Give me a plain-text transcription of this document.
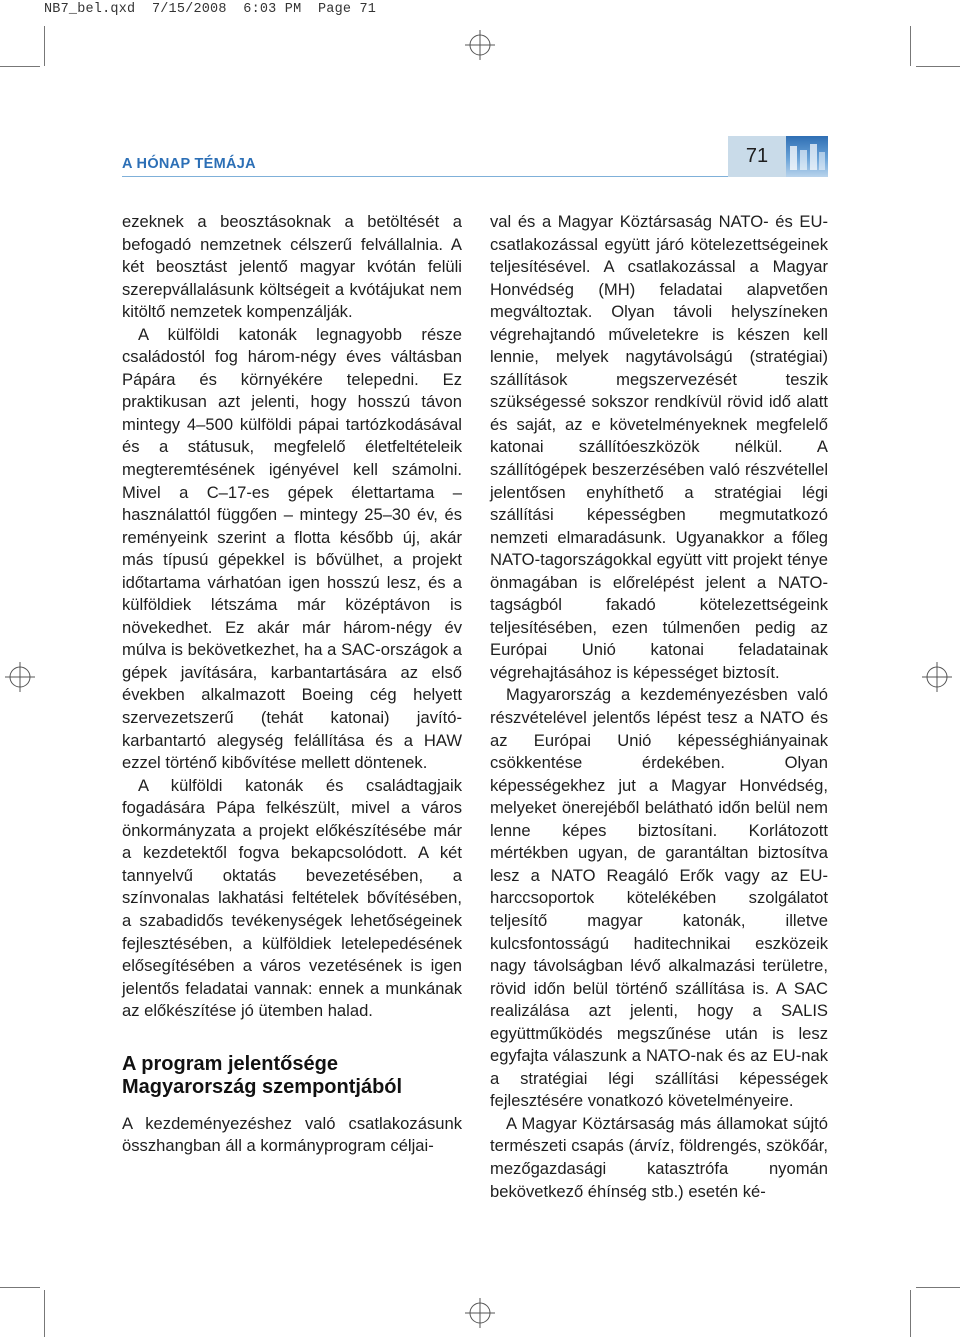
NB7_bel.qxd 7/15/2008 6:03 PM Page 71
A HÓNAP TÉMÁJA	71

ezeknek a beosztásoknak a betöltését a befogadó nemzetnek célszerű felvállalnia. A két beosztást jelentő magyar kvótán felüli szerepvállalásunk költségeit a kvótájukat nem kitöltő nemzetek kompenzálják.

A külföldi katonák legnagyobb része családostól fog három-négy éves váltásban Pápára és környékére telepedni. Ez praktikusan azt jelenti, hogy hosszú távon mintegy 4–500 külföldi pápai tartózkodásával és a státusuk, megfelelő életfeltételeik megteremtésének igényével kell számolni. Mivel a C–17-es gépek élettartama – használattól függően – mintegy 25–30 év, és reményeink szerint a flotta később új, akár más típusú gépekkel is bővülhet, a projekt időtartama várhatóan igen hosszú lesz, és a külföldiek létszáma már középtávon is növekedhet. Ez akár már három-négy év múlva is bekövetkezhet, ha a SAC-országok a gépek javítására, karbantartására az első években alkalmazott Boeing cég helyett szervezetszerű (tehát katonai) javító-karbantartó alegység felállítása és a HAW ezzel történő kibővítése mellett döntenek.

A külföldi katonák és családtagjaik fogadására Pápa felkészült, mivel a város önkormányzata a projekt előkészítésébe már a kezdetektől fogva bekapcsolódott. A két tannyelvű oktatás bevezetésében, a színvonalas lakhatási feltételek bővítésében, a szabadidős tevékenységek lehetőségeinek fejlesztésében, a külföldiek letelepedésének elősegítésében a város vezetésének is igen jelentős feladatai vannak: ennek a munkának az előkészítése jó ütemben halad.

A program jelentősége Magyarország szempontjából

A kezdeményezéshez való csatlakozásunk összhangban áll a kormányprogram céljai-

val és a Magyar Köztársaság NATO- és EU-csatlakozással együtt járó kötelezettségeinek teljesítésével. A csatlakozással a Magyar Honvédség (MH) feladatai alapvetően megváltoztak. Olyan távoli helyszíneken végrehajtandó műveletekre is készen kell lennie, melyek nagytávolságú (stratégiai) szállítások megszervezését teszik szükségessé sokszor rendkívül rövid idő alatt és saját, az e követelményeknek megfelelő katonai szállítóeszközök nélkül. A szállítógépek beszerzésében való részvétellel jelentősen enyhíthető a stratégiai légi szállítási képességben megmutatkozó nemzeti elmaradásunk. Ugyanakkor a főleg NATO-tagországokkal együtt vitt projekt ténye önmagában is előrelépést jelent a NATO-tagságból fakadó kötelezettségeink teljesítésében, ezen túlmenően pedig az Európai Unió katonai feladatainak végrehajtásához is képességet biztosít.

Magyarország a kezdeményezésben való részvételével jelentős lépést tesz a NATO és az Európai Unió képességhiányainak csökkentése érdekében. Olyan képességekhez jut a Magyar Honvédség, melyeket önerejéből belátható időn belül nem lenne képes biztosítani. Korlátozott mértékben ugyan, de garantáltan biztosítva lesz a NATO Reagáló Erők vagy az EU-harccsoportok kötelékében szolgálatot teljesítő magyar katonák, illetve kulcsfontosságú haditechnikai eszközeik nagy távolságban lévő alkalmazási területre, rövid időn belül történő szállítása is. A SAC realizálása azt jelenti, hogy a SALIS együttműködés megszűnése után is lesz egyfajta válaszunk a NATO-nak és az EU-nak a stratégiai légi szállítási képességek fejlesztésére vonatkozó követelményeire.

A Magyar Köztársaság más államokat sújtó természeti csapás (árvíz, földrengés, szökőár, mezőgazdasági katasztrófa nyomán bekövetkező éhínség stb.) esetén ké-
